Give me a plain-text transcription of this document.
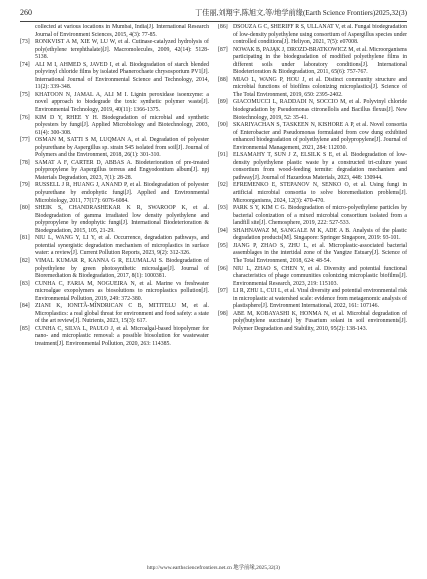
260	丁佳丽,刘翔宇,陈旭文,等/地学前缘(Earth Science Frontiers)2025,32(3)
collected at various locations in Mumbai, India[J]. International Research Journal of Environment Sciences, 2015, 4(3): 77-85.
[73] RONKVIST A M, XIE W, LU W, et al. Cutinase-catalyzed hydrolysis of poly(ethylene terephthalate)[J]. Macromolecules, 2009, 42(14): 5128-5138.
[74] ALI M I, AHMED S, JAVED I, et al. Biodegradation of starch blended polyvinyl chloride films by isolated Phanerochaete chrysosporium PV1[J]. International Journal of Environmental Science and Technology, 2014, 11(2): 339-348.
[75] KHATOON N, JAMAL A, ALI M I. Lignin peroxidase isoenzyme: a novel approach to biodegrade the toxic synthetic polymer waste[J]. Environmental Technology, 2019, 40(11): 1366-1375.
[76] KIM D Y, RHEE Y H. Biodegradation of microbial and synthetic polyesters by fungi[J]. Applied Microbiology and Biotechnology, 2003, 61(4): 300-308.
[77] OSMAN M, SATTI S M, LUQMAN A, et al. Degradation of polyester polyurethane by Aspergillus sp. strain S45 isolated from soil[J]. Journal of Polymers and the Environment, 2018, 26(1): 301-310.
[78] SAMAT A F, CARTER D, ABBAS A. Biodeterioration of pre-treated polypropylene by Aspergillus terreus and Engyodontium album[J]. npj Materials Degradation, 2023, 7(1): 28-28.
[79] RUSSELL J R, HUANG J, ANAND P, et al. Biodegradation of polyester polyurethane by endophytic fungi[J]. Applied and Environmental Microbiology, 2011, 77(17): 6076-6084.
[80] SHEIK S, CHANDRASHEKAR K R, SWAROOP K, et al. Biodegradation of gamma irradiated low density polyethylene and polypropylene by endophytic fungi[J]. International Biodeterioration & Biodegradation, 2015, 105, 21-29.
[81] NIU L, WANG Y, LI Y, et al. Occurrence, degradation pathways, and potential synergistic degradation mechanism of microplastics in surface water: a review[J]. Current Pollution Reports, 2023, 9(2): 312-326.
[82] VIMAL KUMAR R, KANNA G R, ELUMALAI S. Biodegradation of polyethylene by green photosynthetic microalgae[J]. Journal of Bioremediation & Biodegradation, 2017, 8(1): 1000381.
[83] CUNHA C, FARIA M, NOGUEIRA N, et al. Marine vs freshwater microalgae exopolymers as biosolutions to microplastics pollution[J]. Environmental Pollution, 2019, 249: 372-380.
[84] ZIANI K, IONITĂ-MÎNDRICAN C B, MITITELU M, et al. Microplastics: a real global threat for environment and food safety: a state of the art review[J]. Nutrients, 2023, 15(3): 617.
[85] CUNHA C, SILVA L, PAULO J, et al. Microalgal-based biopolymer for nano- and microplastic removal: a possible biosolution for wastewater treatment[J]. Environmental Pollution, 2020, 263: 114385.
[86] DSOUZA G C, SHERIFF R S, ULLANAT V, et al. Fungal biodegradation of low-density polyethylene using consortium of Aspergillus species under controlled conditions[J]. Heliyon, 2021, 7(5): e07008.
[87] NOWAK B, PAJĄK J, DROZD-BRATKOWICZ M, et al. Microorganisms participating in the biodegradation of modified polyethylene films in different soils under laboratory conditions[J]. International Biodeterioration & Biodegradation, 2011, 65(6): 757-767.
[88] MIAO L, WANG P, HOU J, et al. Distinct community structure and microbial functions of biofilms colonizing microplastics[J]. Science of The Total Environment, 2019, 650: 2395-2402.
[89] GIACOMUCCI L, RADDADI N, SOCCIO M, et al. Polyvinyl chloride biodegradation by Pseudomonas citronellolis and Bacillus flexus[J]. New Biotechnology, 2019, 52: 35-41.
[90] SKARIYACHAN S, TASKEEN N, KISHORE A P, et al. Novel consortia of Enterobacter and Pseudomonas formulated from cow dung exhibited enhanced biodegradation of polyethylene and polypropylene[J]. Journal of Environmental Management, 2021, 284: 112030.
[91] ELSAMAHY T, SUN J Z, ELSILK S E, et al. Biodegradation of low-density polyethylene plastic waste by a constructed tri-culture yeast consortium from wood-feeding termite: degradation mechanism and pathway[J]. Journal of Hazardous Materials, 2023, 448: 130944.
[92] EFREMENKO E, STEPANOV N, SENKO O, et al. Using fungi in artificial microbial consortia to solve bioremediation problems[J]. Microorganisms, 2024, 12(3): 470-470.
[93] PARK S Y, KIM C G. Biodegradation of micro-polyethylene particles by bacterial colonization of a mixed microbial consortium isolated from a landfill site[J]. Chemosphere, 2019, 222: 527-533.
[94] SHAHNAWAZ M, SANGALE M K, ADE A B. Analysis of the plastic degradation products[M]. Singapore: Springer Singapore, 2019: 93-101.
[95] JIANG P, ZHAO S, ZHU L, et al. Microplastic-associated bacterial assemblages in the intertidal zone of the Yangtze Estuary[J]. Science of The Total Environment, 2018, 624: 48-54.
[96] NIU L, ZHAO S, CHEN Y, et al. Diversity and potential functional characteristics of phage communities colonizing microplastic biofilms[J]. Environmental Research, 2023, 219: 115103.
[97] LI R, ZHU L, CUI L, et al. Viral diversity and potential environmental risk in microplastic at watershed scale: evidence from metagenomic analysis of plastisphere[J]. Environment International, 2022, 161: 107146.
[98] ABE M, KOBAYASHI K, HONMA N, et al. Microbial degradation of poly(butylene succinate) by Fusarium solani in soil environments[J]. Polymer Degradation and Stability, 2010, 95(2): 138-143.
http://www.earthsciencefrontiers.net.cn 地学前缘,2025,32(3)
